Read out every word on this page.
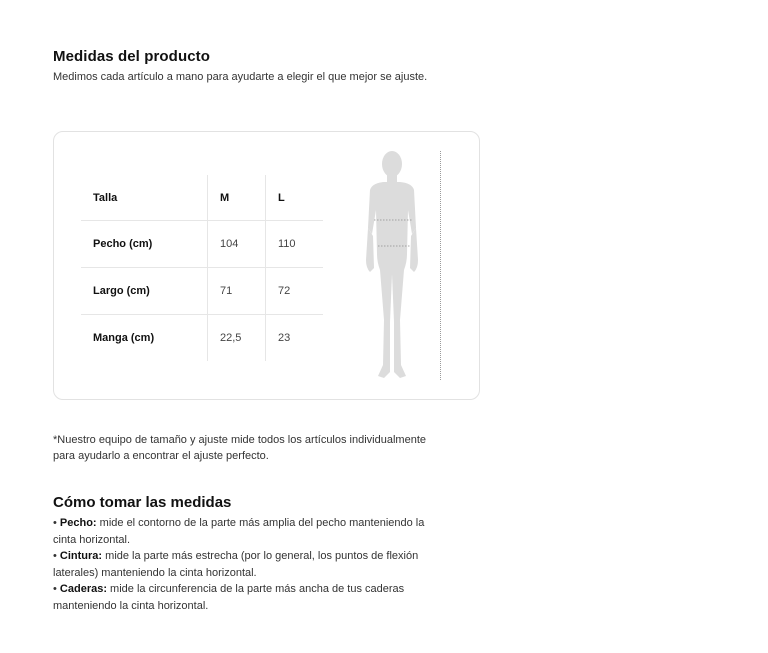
Medidas del producto
Medimos cada artículo a mano para ayudarte a elegir el que mejor se ajuste.
Talla	M	L
Pecho (cm)	104	110
Largo (cm)	71	72
Manga (cm)	22,5	23
*Nuestro equipo de tamaño y ajuste mide todos los artículos individualmente para ayudarlo a encontrar el ajuste perfecto.
Cómo tomar las medidas
• Pecho: mide el contorno de la parte más amplia del pecho manteniendo la cinta horizontal.
• Cintura: mide la parte más estrecha (por lo general, los puntos de flexión laterales) manteniendo la cinta horizontal.
• Caderas: mide la circunferencia de la parte más ancha de tus caderas manteniendo la cinta horizontal.
